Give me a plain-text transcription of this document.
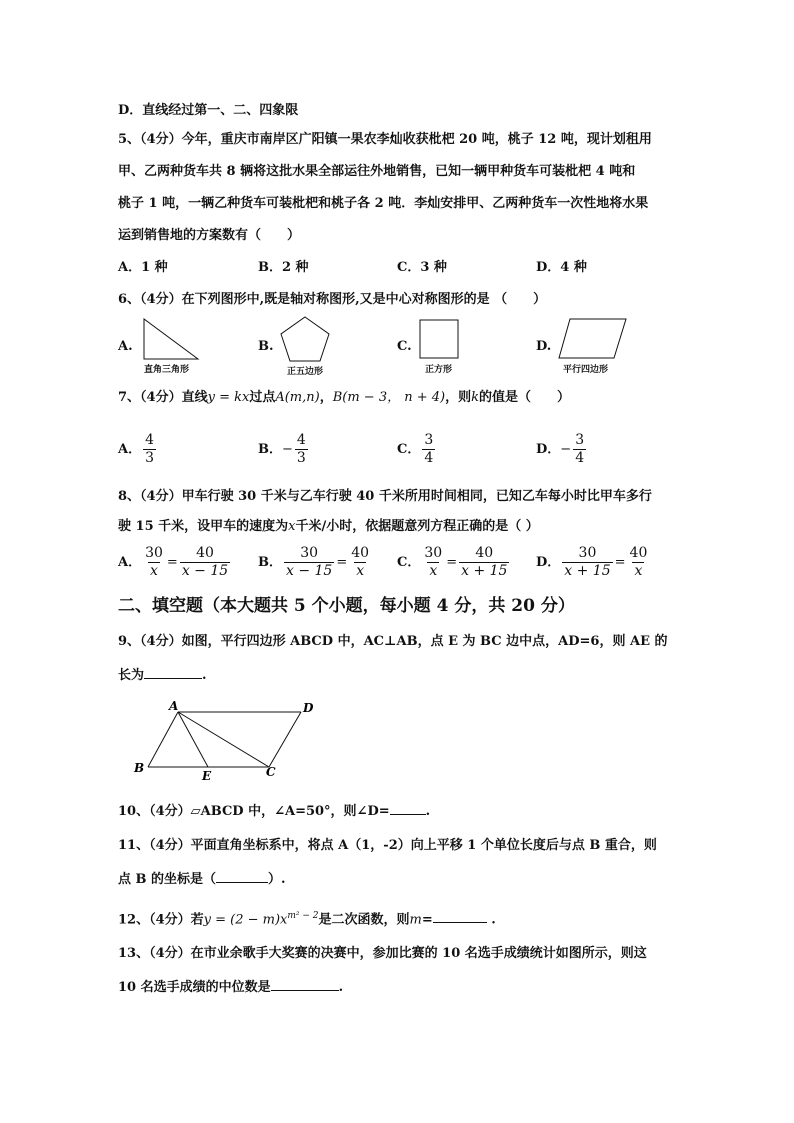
D．直线经过第一、二、四象限
5、（4分）今年，重庆市南岸区广阳镇一果农李灿收获枇杷 20 吨，桃子 12 吨，现计划租用
甲、乙两种货车共 8 辆将这批水果全部运往外地销售，已知一辆甲种货车可装枇杷 4 吨和
桃子 1 吨，一辆乙种货车可装枇杷和桃子各 2 吨．李灿安排甲、乙两种货车一次性地将水果
运到销售地的方案数有（　　）
A．1 种	B．2 种	C．3 种	D．4 种
6、（4分）在下列图形中,既是轴对称图形,又是中心对称图形的是 （　　）
A.
直角三角形
B.
正五边形
C.
正方形
D.
平行四边形
7、（4分）直线y = kx过点A(m,n)，B(m − 3， n + 4)，则k的值是（　　）
A． $\frac{4}{3}$	B．− $\frac{4}{3}$	C． $\frac{3}{4}$	D．− $\frac{3}{4}$
8、（4分）甲车行驶 30 千米与乙车行驶 40 千米所用时间相同，已知乙车每小时比甲车多行
驶 15 千米，设甲车的速度为x千米/小时，依据题意列方程正确的是（ ）
A． $\frac{30}{x} = \frac{40}{x - 15}$ B． $\frac{30}{x - 15} = \frac{40}{x}$ C． $\frac{30}{x} = \frac{40}{x + 15}$ D． $\frac{30}{x + 15} = \frac{40}{x}$
二、填空题（本大题共 5 个小题，每小题 4 分，共 20 分）
9、（4分）如图，平行四边形 ABCD 中，AC⊥AB，点 E 为 BC 边中点，AD=6，则 AE 的
长为	.
A	D
B
E	C
10、（4分）▱ABCD 中，∠A=50°，则∠D=	.
11、（4分）平面直角坐标系中，将点 A（1，-2）向上平移 1 个单位长度后与点 B 重合，则
点 B 的坐标是（	）.
12、（4分）若$y = (2 - m)x^{m^2 - 2}$是二次函数，则m=	.
13、（4分）在市业余歌手大奖赛的决赛中，参加比赛的 10 名选手成绩统计如图所示，则这
10 名选手成绩的中位数是	.
